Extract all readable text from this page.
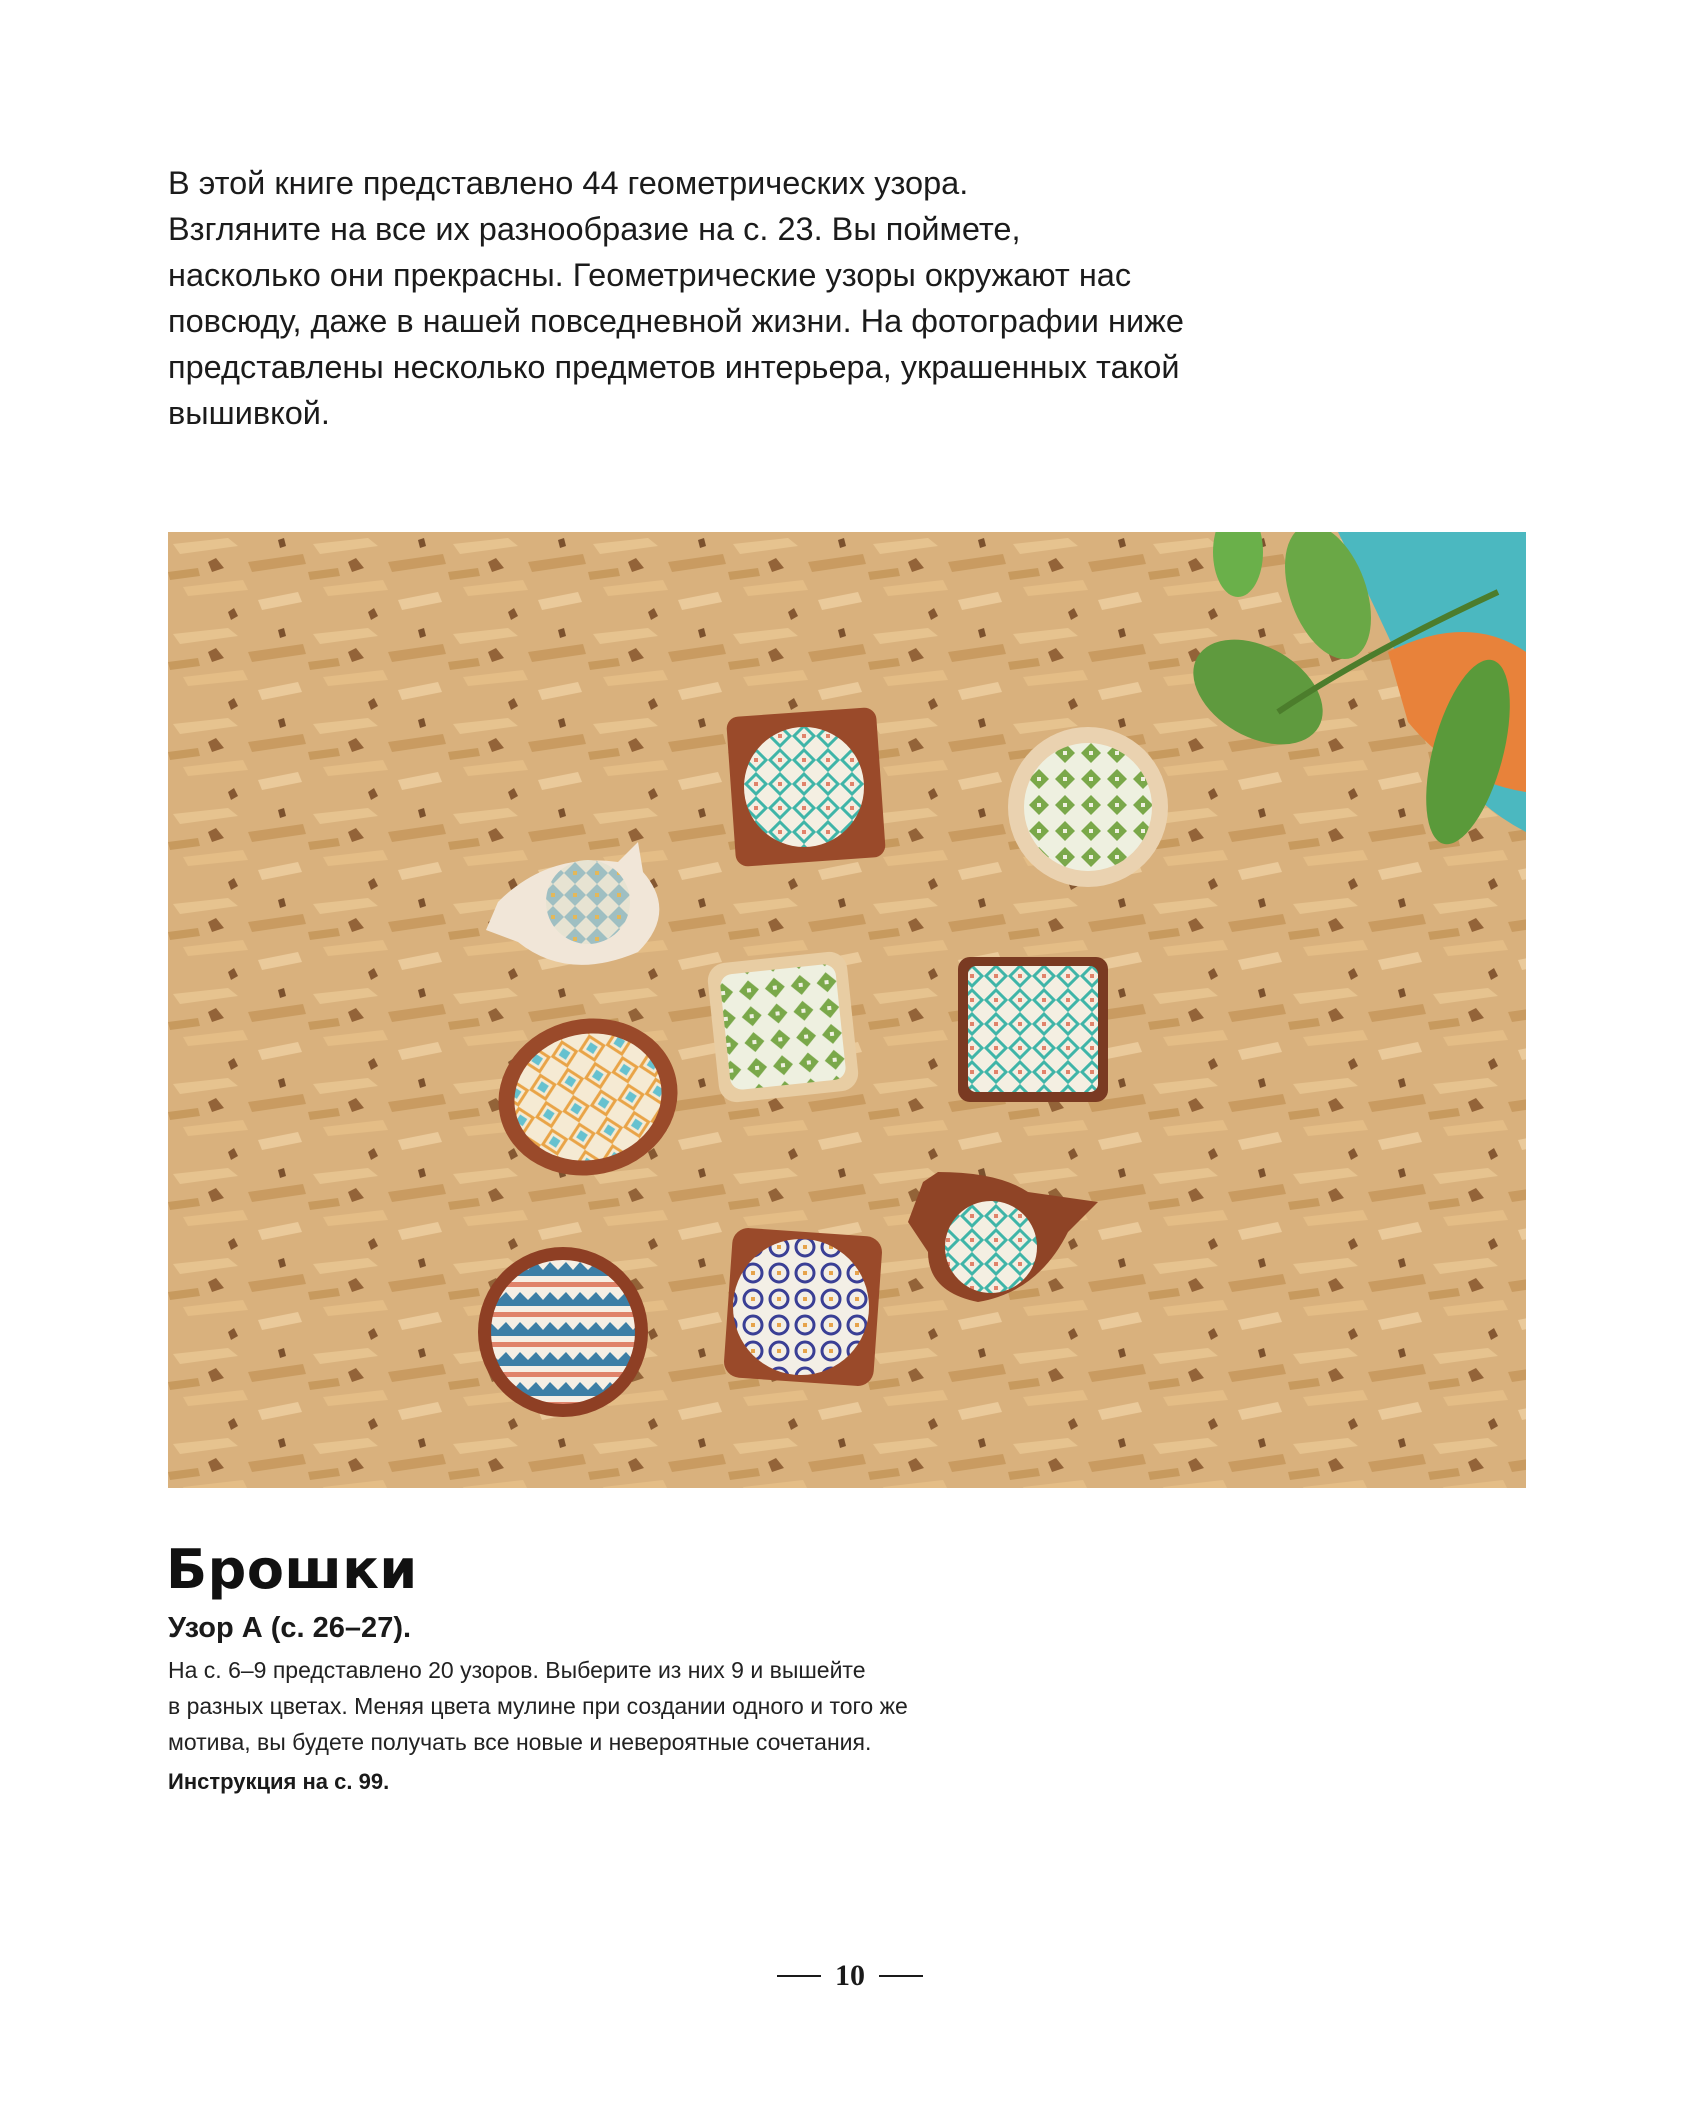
В этой книге представлено 44 геометрических узора.
Взгляните на все их разнообразие на с. 23. Вы поймете,
насколько они прекрасны. Геометрические узоры окружают нас
повсюду, даже в нашей повседневной жизни. На фотографии ниже
представлены несколько предметов интерьера, украшенных такой
вышивкой.

Брошки

Узор А (с. 26–27).

На с. 6–9 представлено 20 узоров. Выберите из них 9 и вышейте
в разных цветах. Меняя цвета мулине при создании одного и того же
мотива, вы будете получать все новые и невероятные сочетания.

Инструкция на с. 99.

10
